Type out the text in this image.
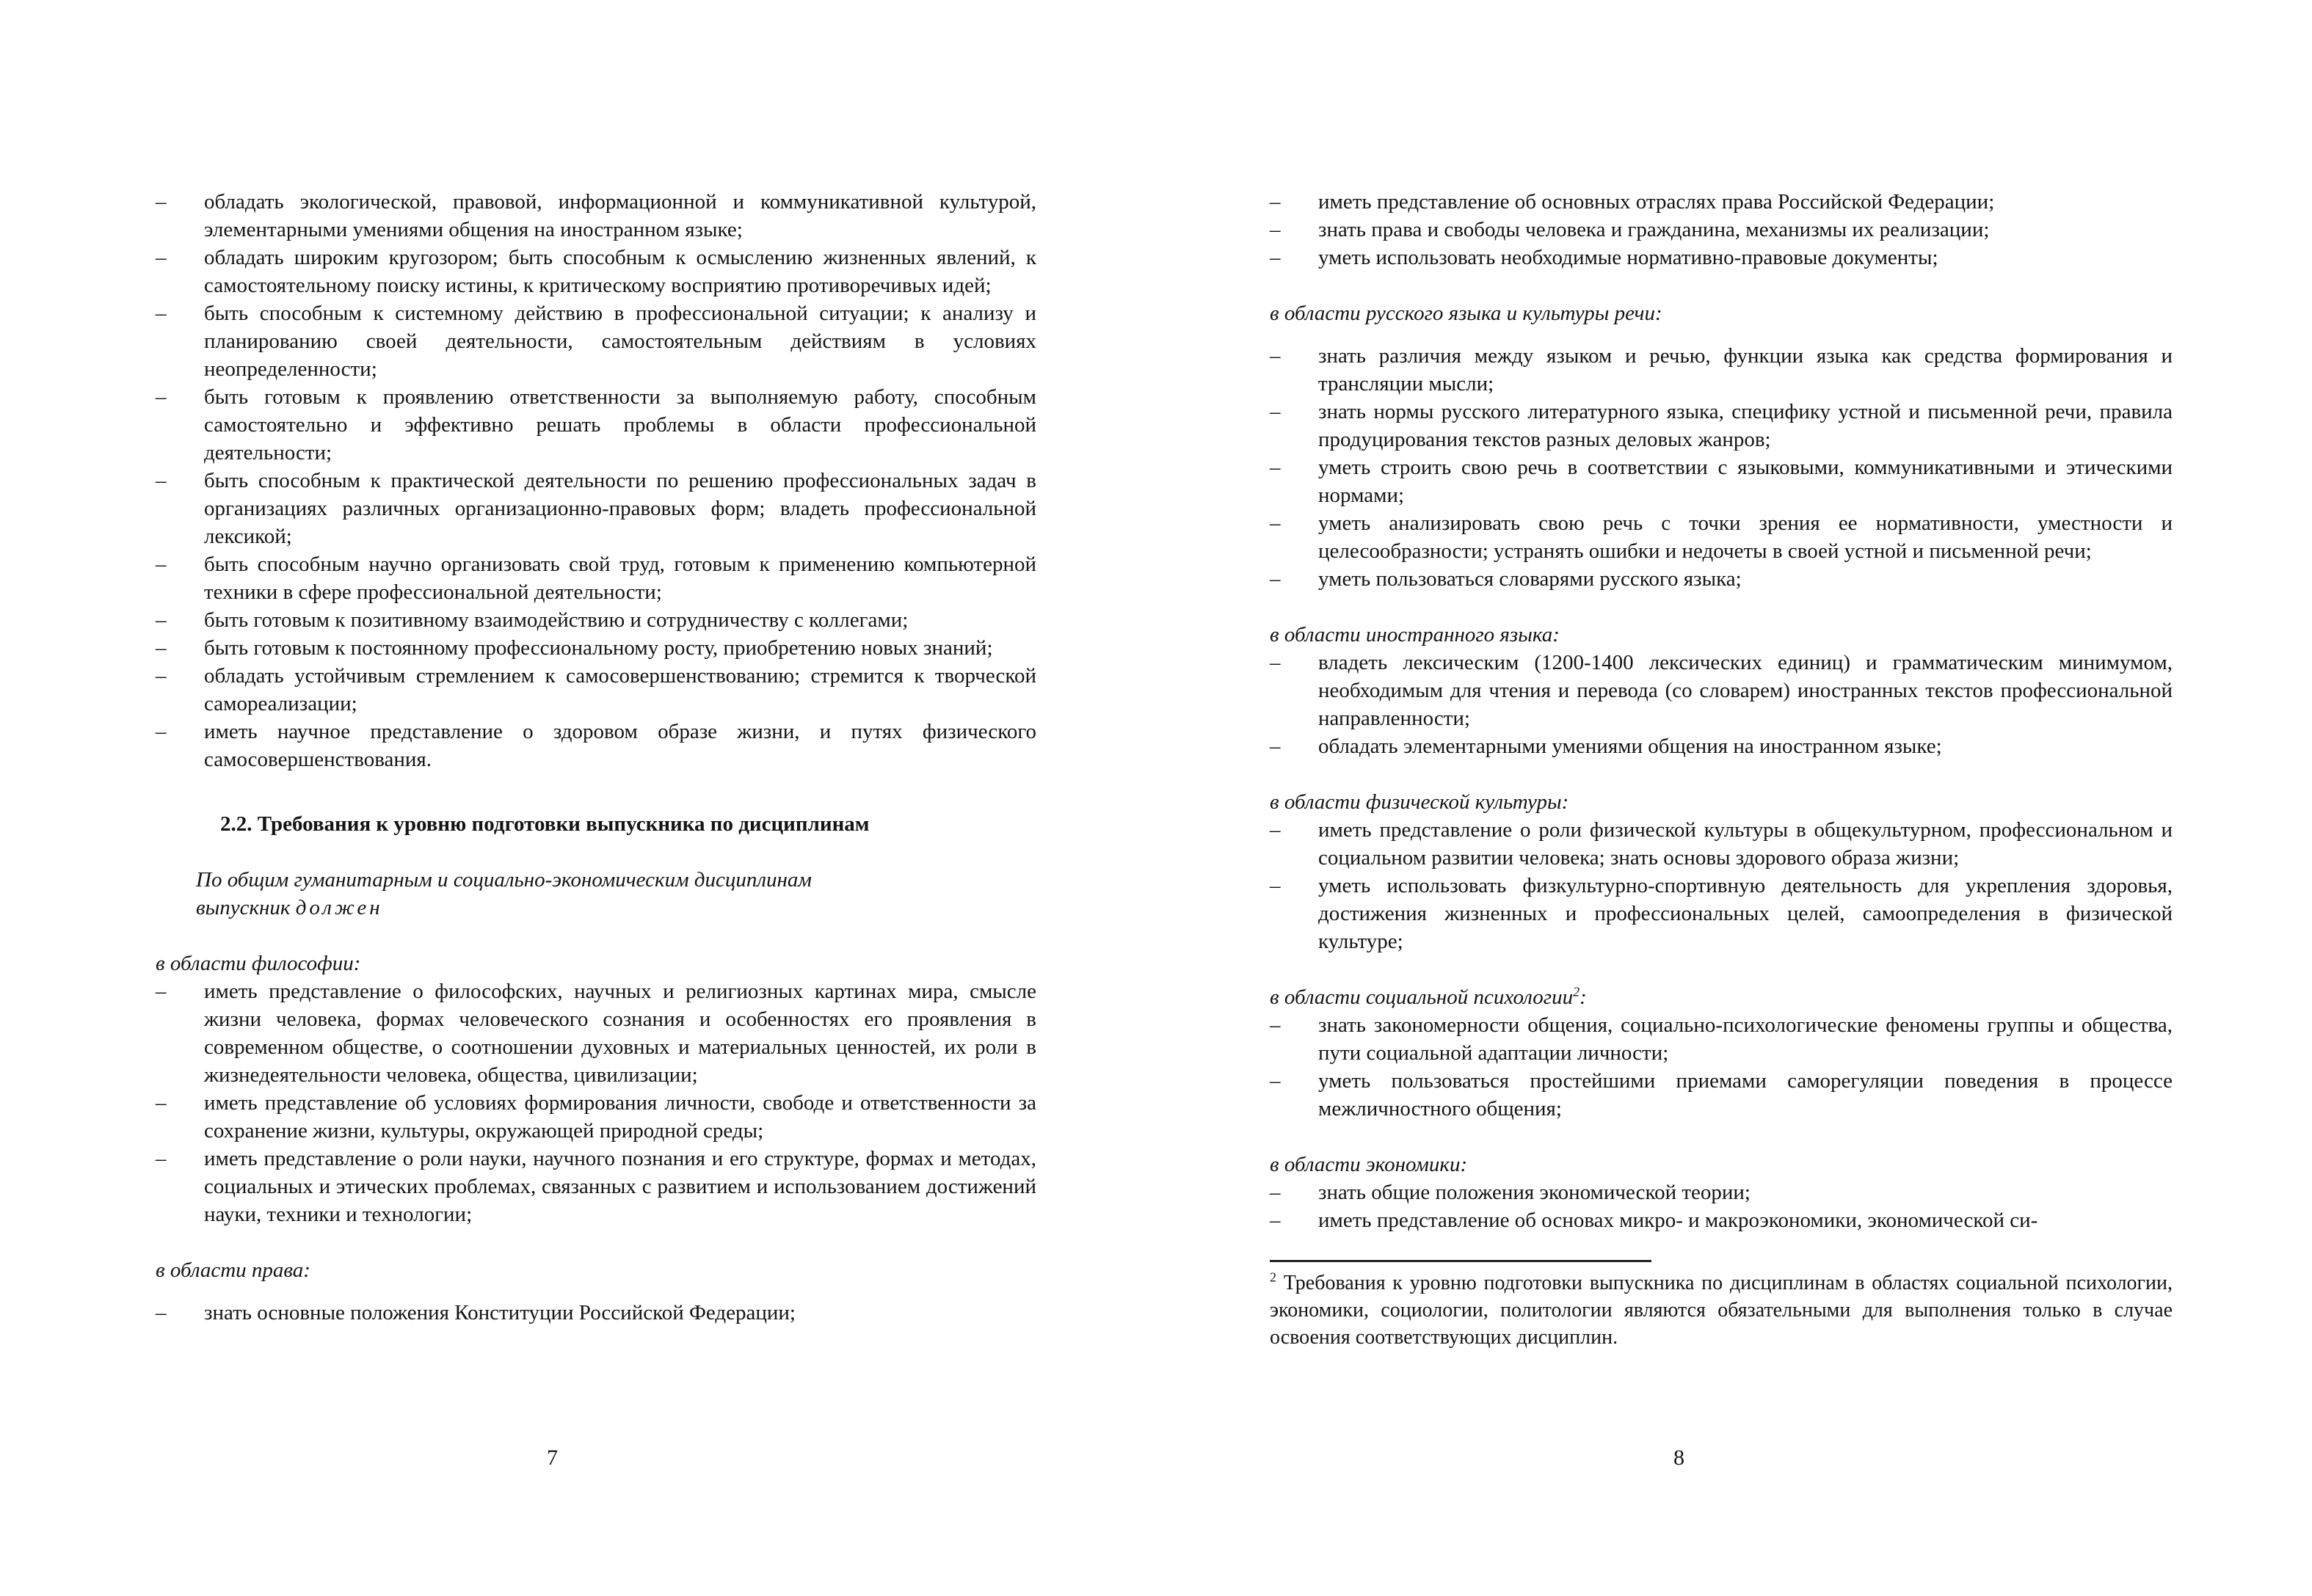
– обладать экологической, правовой, информационной и коммуникативной культурой, элементарными умениями общения на иностранном языке;
– обладать широким кругозором; быть способным к осмыслению жизненных явлений, к самостоятельному поиску истины, к критическому восприятию противоречивых идей;
– быть способным к системному действию в профессиональной ситуации; к анализу и планированию своей деятельности, самостоятельным действиям в условиях неопределенности;
– быть готовым к проявлению ответственности за выполняемую работу, способным самостоятельно и эффективно решать проблемы в области профессиональной деятельности;
– быть способным к практической деятельности по решению профессиональных задач в организациях различных организационно-правовых форм; владеть профессиональной лексикой;
– быть способным научно организовать свой труд, готовым к применению компьютерной техники в сфере профессиональной деятельности;
– быть готовым к позитивному взаимодействию и сотрудничеству с коллегами;
– быть готовым к постоянному профессиональному росту, приобретению новых знаний;
– обладать устойчивым стремлением к самосовершенствованию; стремится к творческой самореализации;
– иметь научное представление о здоровом образе жизни, и путях физического самосовершенствования.
2.2. Требования к уровню подготовки выпускника по дисциплинам
По общим гуманитарным и социально-экономическим дисциплинам
выпускник должен
в области философии:
– иметь представление о философских, научных и религиозных картинах мира, смысле жизни человека, формах человеческого сознания и особенностях его проявления в современном обществе, о соотношении духовных и материальных ценностей, их роли в жизнедеятельности человека, общества, цивилизации;
– иметь представление об условиях формирования личности, свободе и ответственности за сохранение жизни, культуры, окружающей природной среды;
– иметь представление о роли науки, научного познания и его структуре, формах и методах, социальных и этических проблемах, связанных с развитием и использованием достижений науки, техники и технологии;
в области права:
– знать основные положения Конституции Российской Федерации;
7
– иметь представление об основных отраслях права Российской Федерации;
– знать права и свободы человека и гражданина, механизмы их реализации;
– уметь использовать необходимые нормативно-правовые документы;
в области русского языка и культуры речи:
– знать различия между языком и речью, функции языка как средства формирования и трансляции мысли;
– знать нормы русского литературного языка, специфику устной и письменной речи, правила продуцирования текстов разных деловых жанров;
– уметь строить свою речь в соответствии с языковыми, коммуникативными и этическими нормами;
– уметь анализировать свою речь с точки зрения ее нормативности, уместности и целесообразности; устранять ошибки и недочеты в своей устной и письменной речи;
– уметь пользоваться словарями русского языка;
в области иностранного языка:
– владеть лексическим (1200-1400 лексических единиц) и грамматическим минимумом, необходимым для чтения и перевода (со словарем) иностранных текстов профессиональной направленности;
– обладать элементарными умениями общения на иностранном языке;
в области физической культуры:
– иметь представление о роли физической культуры в общекультурном, профессиональном и социальном развитии человека; знать основы здорового образа жизни;
– уметь использовать физкультурно-спортивную деятельность для укрепления здоровья, достижения жизненных и профессиональных целей, самоопределения в физической культуре;
в области социальной психологии$^2$:
– знать закономерности общения, социально-психологические феномены группы и общества, пути социальной адаптации личности;
– уметь пользоваться простейшими приемами саморегуляции поведения в процессе межличностного общения;
в области экономики:
– знать общие положения экономической теории;
– иметь представление об основах микро- и макроэкономики, экономической си-
$^2$ Требования к уровню подготовки выпускника по дисциплинам в областях социальной психологии, экономики, социологии, политологии являются обязательными для выполнения только в случае освоения соответствующих дисциплин.
8
